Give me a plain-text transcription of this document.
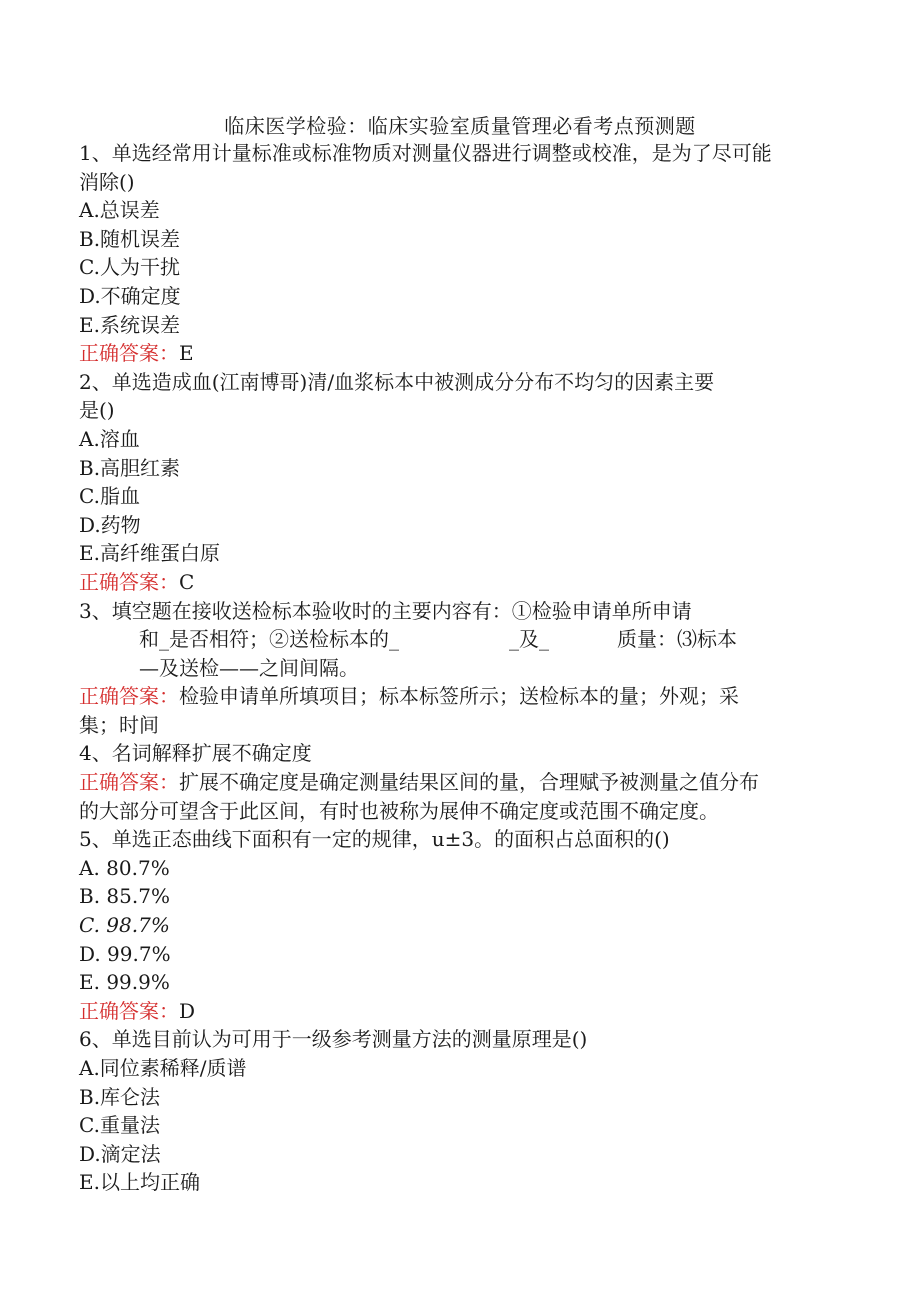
临床医学检验：临床实验室质量管理必看考点预测题

1、单选经常用计量标准或标准物质对测量仪器进行调整或校准，是为了尽可能

消除()

A.总误差

B.随机误差

C.人为干扰

D.不确定度

E.系统误差

正确答案：E

2、单选造成血(江南博哥)清/血浆标本中被测成分分布不均匀的因素主要

是()

A.溶血

B.高胆红素

C.脂血

D.药物

E.高纤维蛋白原

正确答案：C

3、填空题在接收送检标本验收时的主要内容有：①检验申请单所申请

和_是否相符；②送检标本的_	_及_	质量：⑶标本

—及送检——之间间隔。

正确答案：检验申请单所填项目；标本标签所示；送检标本的量；外观；采

集；时间

4、名词解释扩展不确定度

正确答案：扩展不确定度是确定测量结果区间的量，合理赋予被测量之值分布

的大部分可望含于此区间，有时也被称为展伸不确定度或范围不确定度。

5、单选正态曲线下面积有一定的规律，u±3。的面积占总面积的()

A. 80.7%

B. 85.7%

C. 98.7%

D. 99.7%

E. 99.9%

正确答案：D

6、单选目前认为可用于一级参考测量方法的测量原理是()

A.同位素稀释/质谱

B.库仑法

C.重量法

D.滴定法

E.以上均正确
